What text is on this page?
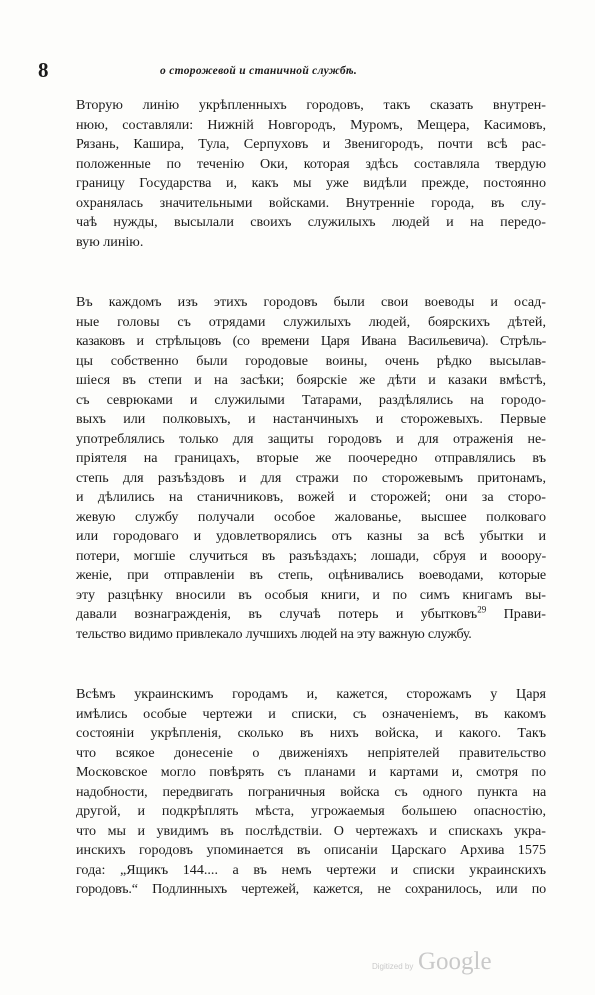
8	о сторожевой и станичной службѣ.

Вторую линію укрѣпленныхъ городовъ, такъ сказать внутрен-
нюю, составляли: Нижній Новгородъ, Муромъ, Мещера, Касимовъ,
Рязань, Кашира, Тула, Серпуховъ и Звенигородъ, почти всѣ рас-
положенные по теченію Оки, которая здѣсь составляла твердую
границу Государства и, какъ мы уже видѣли прежде, постоянно
охранялась значительными войсками. Внутренніе города, въ слу-
чаѣ нужды, высылали своихъ служилыхъ людей и на передо-
вую линію.

Въ каждомъ изъ этихъ городовъ были свои воеводы и осад-
ные головы съ отрядами служилыхъ людей, боярскихъ дѣтей,
казаковъ и стрѣльцовъ (со времени Царя Ивана Васильевича). Стрѣль-
цы собственно были городовые воины, очень рѣдко высылав-
шіеся въ степи и на засѣки; боярскіе же дѣти и казаки вмѣстѣ,
съ севрюками и служилыми Татарами, раздѣлялись на городо-
выхъ или полковыхъ, и настанчиныхъ и сторожевыхъ. Первые
употреблялись только для защиты городовъ и для отраженія не-
пріятеля на границахъ, вторые же поочередно отправлялись въ
степь для разъѣздовъ и для стражи по сторожевымъ притонамъ,
и дѣлились на станичниковъ, вожей и сторожей; они за сторо-
жевую службу получали особое жалованье, высшее полковаго
или городоваго и удовлетворялись отъ казны за всѣ убытки и
потери, могшіе случиться въ разъѣздахъ; лошади, сбруя и вооору-
женіе, при отправленіи въ степь, оцѣнивались воеводами, которые
эту разцѣнку вносили въ особыя книги, и по симъ книгамъ вы-
давали вознагражденія, въ случаѣ потерь и убытковъ$^{29}$ Прави-
тельство видимо привлекало лучшихъ людей на эту важную службу.

Всѣмъ украинскимъ городамъ и, кажется, сторожамъ у Царя
имѣлись особые чертежи и списки, съ означеніемъ, въ какомъ
состояніи укрѣпленія, сколько въ нихъ войска, и какого. Такъ
что всякое донесеніе о движеніяхъ непріятелей правительство
Московское могло повѣрять съ планами и картами и, смотря по
надобности, передвигать пограничныя войска съ одного пункта на
другой, и подкрѣплять мѣста, угрожаемыя большею опасностію,
что мы и увидимъ въ послѣдствіи. О чертежахъ и спискахъ укра-
инскихъ городовъ упоминается въ описаніи Царскаго Архива 1575
года: „Ящикъ 144.... а въ немъ чертежи и списки украинскихъ
городовъ.“ Подлинныхъ чертежей, кажется, не сохранилось, или по

Digitized by Google
